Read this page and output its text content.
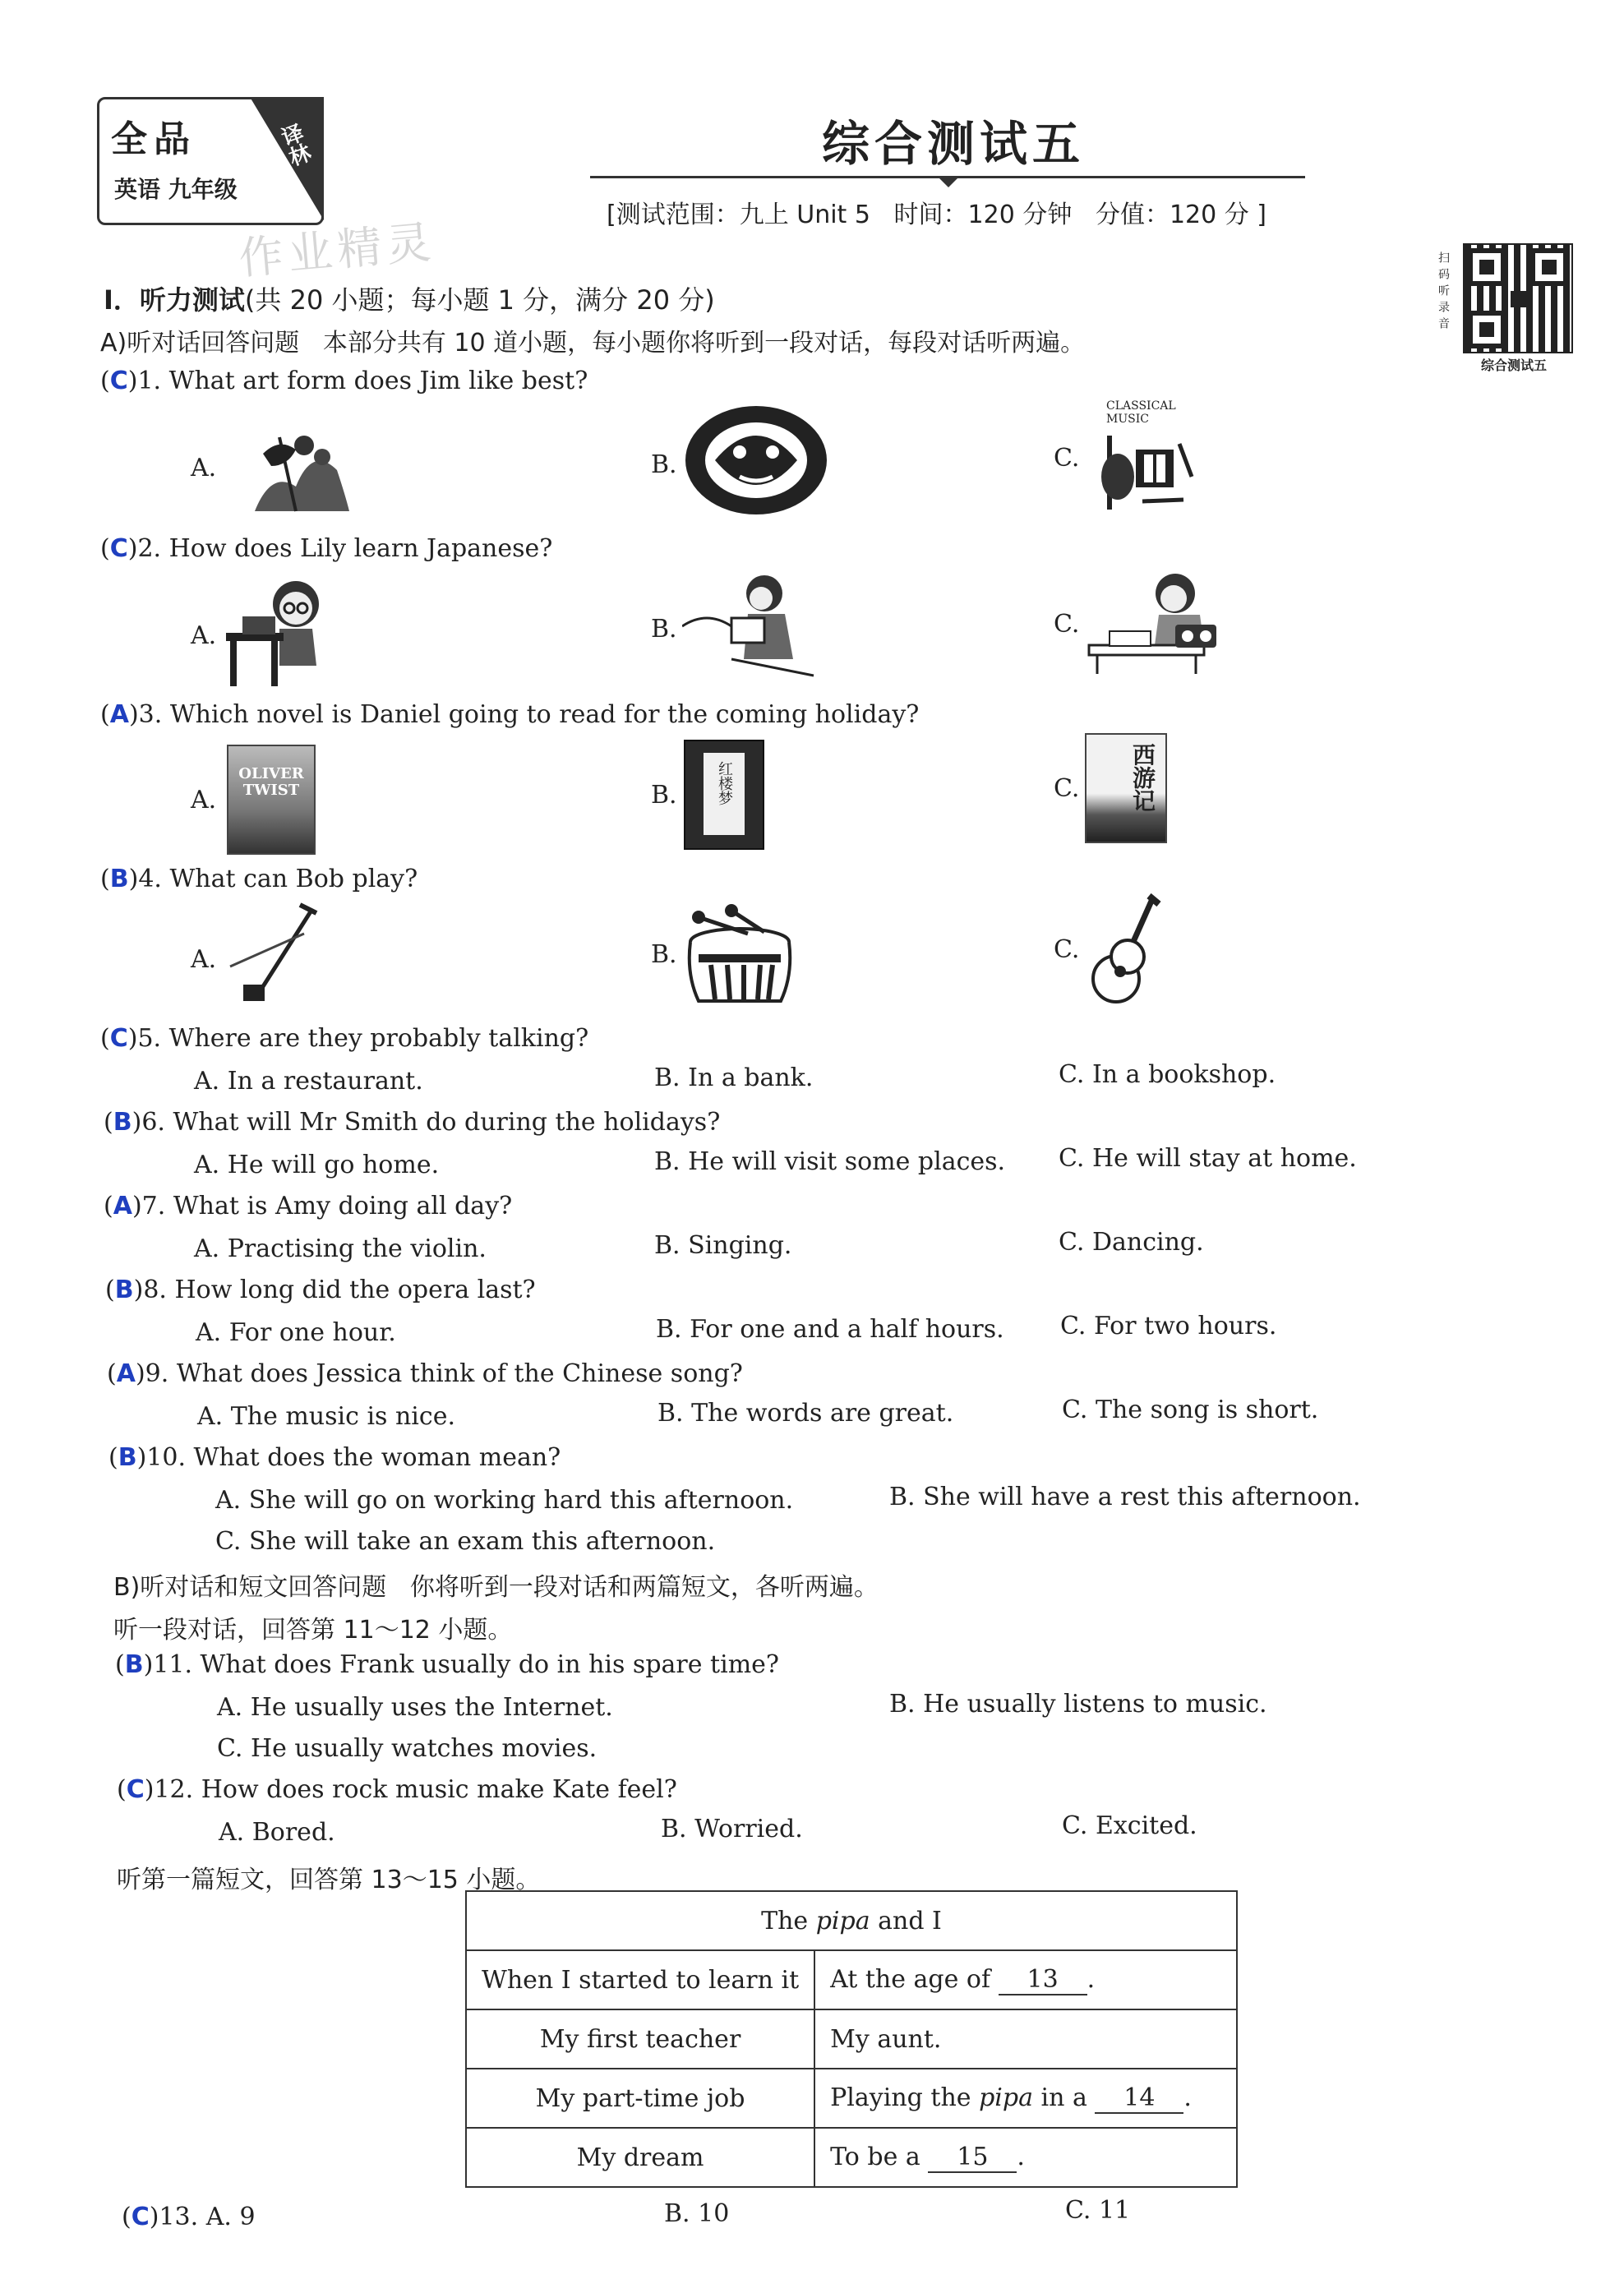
全品
英语 九年级
译林
作业精灵
综合测试五
[测试范围：九上 Unit 5   时间：120 分钟   分值：120 分 ]
扫码听录音
综合测试五
Ⅰ．听力测试(共 20 小题；每小题 1 分，满分 20 分)
A)听对话回答问题   本部分共有 10 道小题，每小题你将听到一段对话，每段对话听两遍。
(C)1. What art form does Jim like best?
A.	B.	C.
CLASSICAL MUSIC
(C)2. How does Lily learn Japanese?
A.	B.	C.
(A)3. Which novel is Daniel going to read for the coming holiday?
A.
OLIVER TWIST	B.	红楼梦	C. 西游记
(B)4. What can Bob play?
A.	B.	C.
(C)5. Where are they probably talking?
A. In a restaurant.	B. In a bank.	C. In a bookshop.
(B)6. What will Mr Smith do during the holidays?
A. He will go home.	B. He will visit some places. C. He will stay at home.
(A)7. What is Amy doing all day?
A. Practising the violin.	B. Singing.	C. Dancing.
(B)8. How long did the opera last?
A. For one hour.	B. For one and a half hours. C. For two hours.
(A)9. What does Jessica think of the Chinese song?
A. The music is nice.	B. The words are great.	C. The song is short.
(B)10. What does the woman mean?
A. She will go on working hard this afternoon.	B. She will have a rest this afternoon.
C. She will take an exam this afternoon.
B)听对话和短文回答问题   你将听到一段对话和两篇短文，各听两遍。
听一段对话，回答第 11～12 小题。
(B)11. What does Frank usually do in his spare time?
A. He usually uses the Internet.	B. He usually listens to music.
C. He usually watches movies.
(C)12. How does rock music make Kate feel?
A. Bored.	B. Worried.	C. Excited.
听第一篇短文，回答第 13～15 小题。
The pipa and I	
When I started to learn it	At the age of 13 .
My first teacher	My aunt.
My part-time job	Playing the pipa in a 14 .
My dream	To be a 15 .
(C)13. A. 9	B. 10	C. 11
